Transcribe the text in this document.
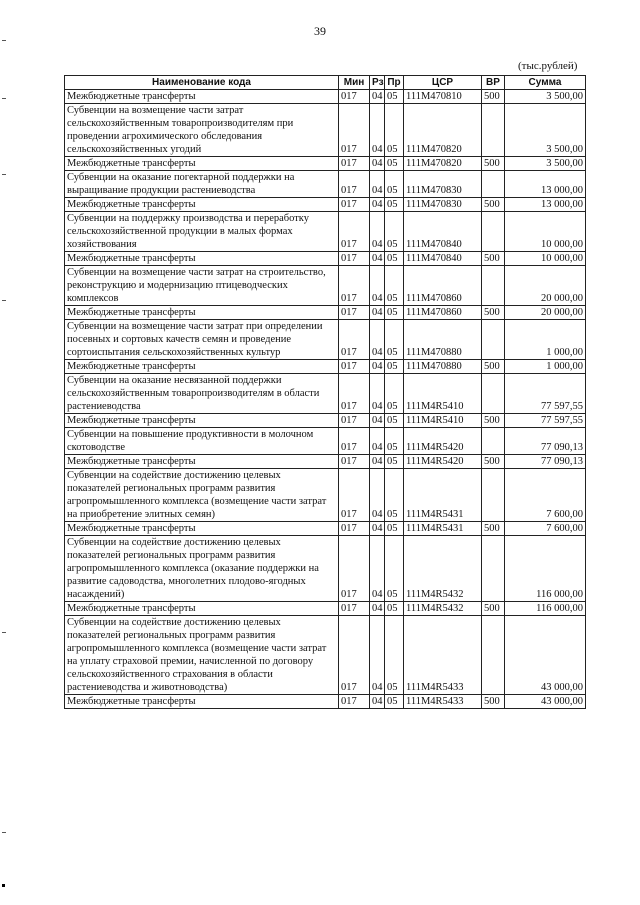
39
(тыс.рублей)
Наименование кода	Мин	Рз	Пр	ЦСР	ВР	Сумма
Межбюджетные трансферты	017	04	05	111М470810	500	3 500,00
Субвенции на возмещение части затрат сельскохозяйственным товаропроизводителям при проведении агрохимического обследования сельскохозяйственных угодий	017	04	05	111М470820		3 500,00
Межбюджетные трансферты	017	04	05	111М470820	500	3 500,00
Субвенции на оказание погектарной поддержки на выращивание продукции растениеводства	017	04	05	111М470830		13 000,00
Межбюджетные трансферты	017	04	05	111М470830	500	13 000,00
Субвенции на поддержку производства и переработку сельскохозяйственной продукции в малых формах хозяйствования	017	04	05	111М470840		10 000,00
Межбюджетные трансферты	017	04	05	111М470840	500	10 000,00
Субвенции на возмещение части затрат на строительство, реконструкцию и модернизацию птицеводческих комплексов	017	04	05	111М470860		20 000,00
Межбюджетные трансферты	017	04	05	111М470860	500	20 000,00
Субвенции на возмещение части затрат при определении посевных и сортовых качеств семян и проведение сортоиспытания сельскохозяйственных культур	017	04	05	111М470880		1 000,00
Межбюджетные трансферты	017	04	05	111М470880	500	1 000,00
Субвенции на оказание несвязанной поддержки сельскохозяйственным товаропроизводителям в области растениеводства	017	04	05	111М4R5410		77 597,55
Межбюджетные трансферты	017	04	05	111М4R5410	500	77 597,55
Субвенции на повышение продуктивности в молочном скотоводстве	017	04	05	111М4R5420		77 090,13
Межбюджетные трансферты	017	04	05	111М4R5420	500	77 090,13
Субвенции на содействие достижению целевых показателей региональных программ развития агропромышленного комплекса (возмещение части затрат на приобретение элитных семян)	017	04	05	111М4R5431		7 600,00
Межбюджетные трансферты	017	04	05	111М4R5431	500	7 600,00
Субвенции на содействие достижению целевых показателей региональных программ развития агропромышленного комплекса (оказание поддержки на развитие садоводства, многолетних плодово-ягодных насаждений)	017	04	05	111М4R5432		116 000,00
Межбюджетные трансферты	017	04	05	111М4R5432	500	116 000,00
Субвенции на содействие достижению целевых показателей региональных программ развития агропромышленного комплекса (возмещение части затрат на уплату страховой премии, начисленной по договору сельскохозяйственного страхования в области растениеводства и животноводства)	017	04	05	111М4R5433		43 000,00
Межбюджетные трансферты	017	04	05	111М4R5433	500	43 000,00
